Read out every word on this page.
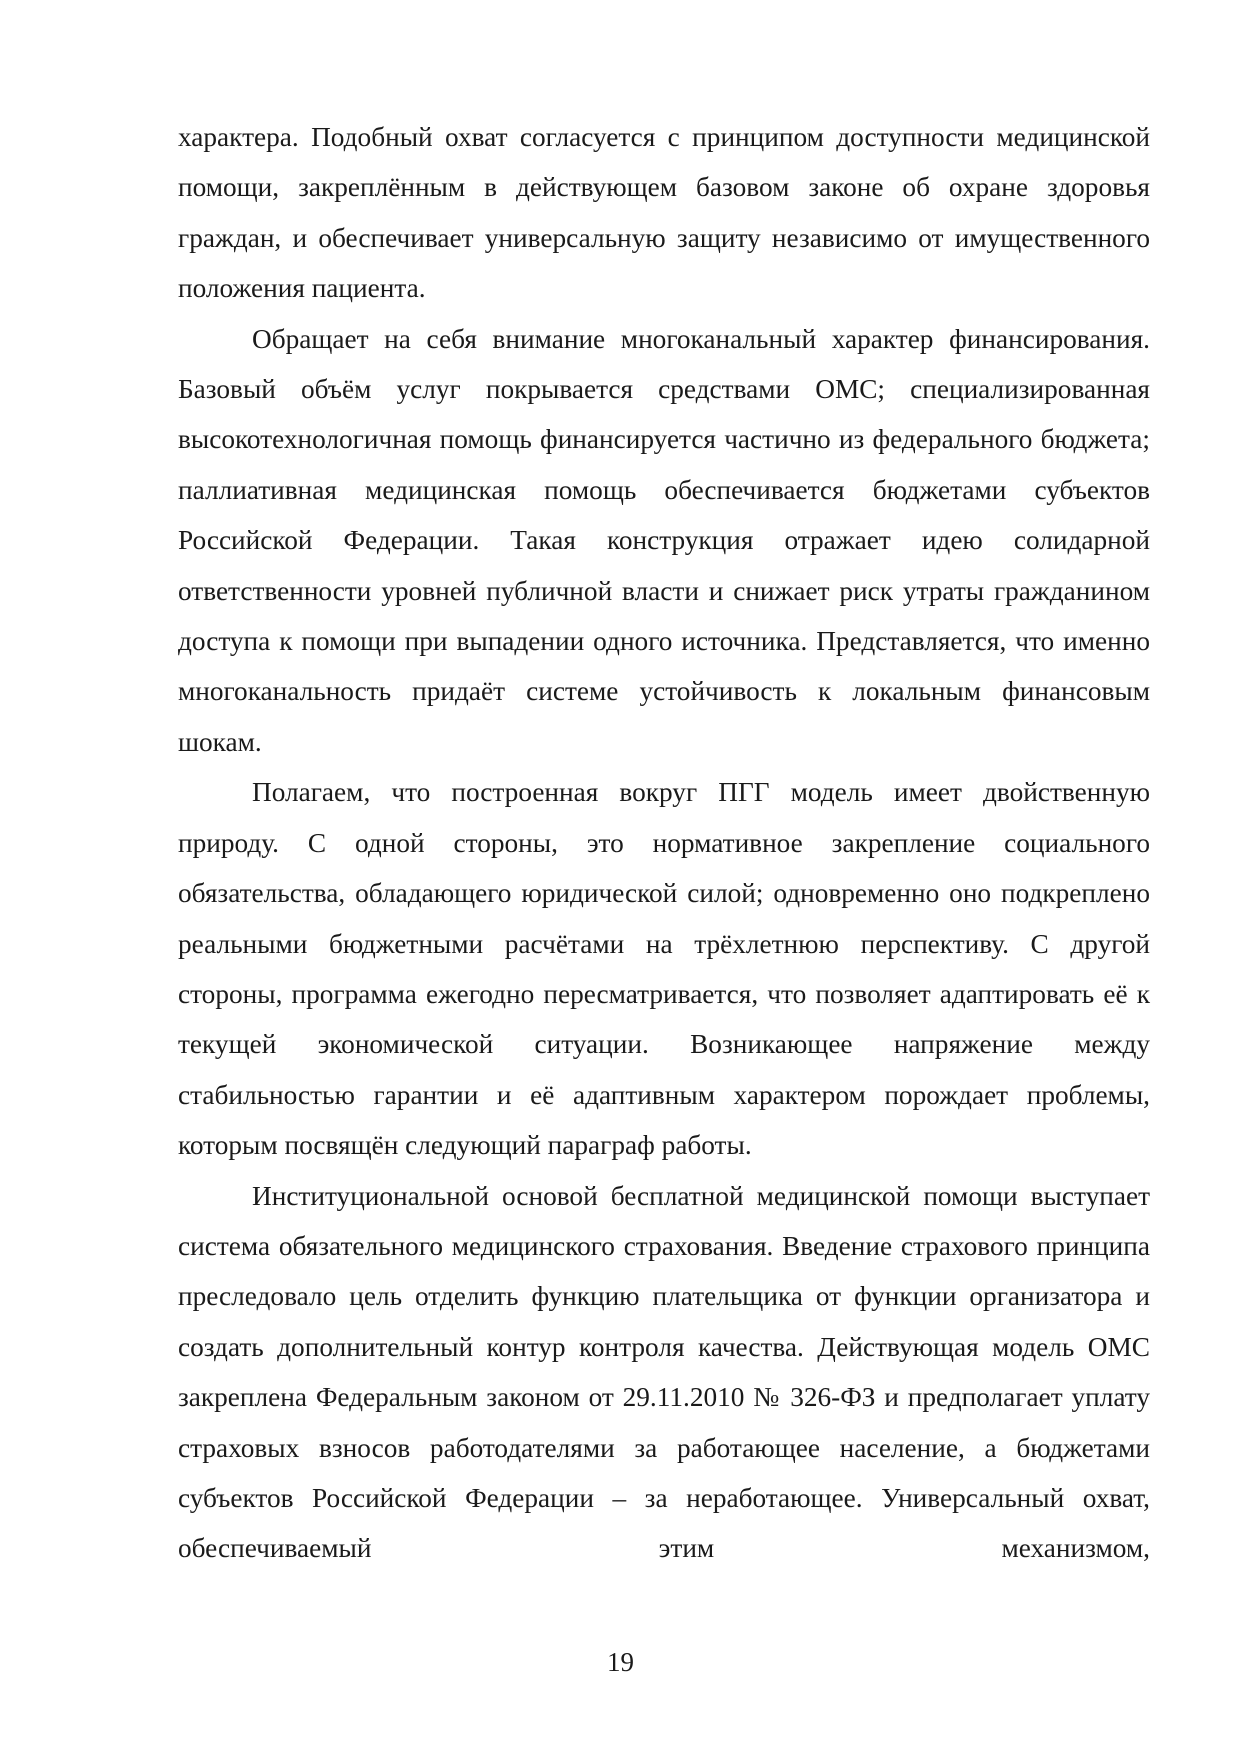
характера. Подобный охват согласуется с принципом доступности медицинской помощи, закреплённым в действующем базовом законе об охране здоровья граждан, и обеспечивает универсальную защиту независимо от имущественного положения пациента.

Обращает на себя внимание многоканальный характер финансирования. Базовый объём услуг покрывается средствами ОМС; специализированная высокотехнологичная помощь финансируется частично из федерального бюджета; паллиативная медицинская помощь обеспечивается бюджетами субъектов Российской Федерации. Такая конструкция отражает идею солидарной ответственности уровней публичной власти и снижает риск утраты гражданином доступа к помощи при выпадении одного источника. Представляется, что именно многоканальность придаёт системе устойчивость к локальным финансовым шокам.

Полагаем, что построенная вокруг ПГГ модель имеет двойственную природу. С одной стороны, это нормативное закрепление социального обязательства, обладающего юридической силой; одновременно оно подкреплено реальными бюджетными расчётами на трёхлетнюю перспективу. С другой стороны, программа ежегодно пересматривается, что позволяет адаптировать её к текущей экономической ситуации. Возникающее напряжение между стабильностью гарантии и её адаптивным характером порождает проблемы, которым посвящён следующий параграф работы.

Институциональной основой бесплатной медицинской помощи выступает система обязательного медицинского страхования. Введение страхового принципа преследовало цель отделить функцию плательщика от функции организатора и создать дополнительный контур контроля качества. Действующая модель ОМС закреплена Федеральным законом от 29.11.2010 № 326-ФЗ и предполагает уплату страховых взносов работодателями за работающее население, а бюджетами субъектов Российской Федерации – за неработающее. Универсальный охват, обеспечиваемый этим механизмом,

19
